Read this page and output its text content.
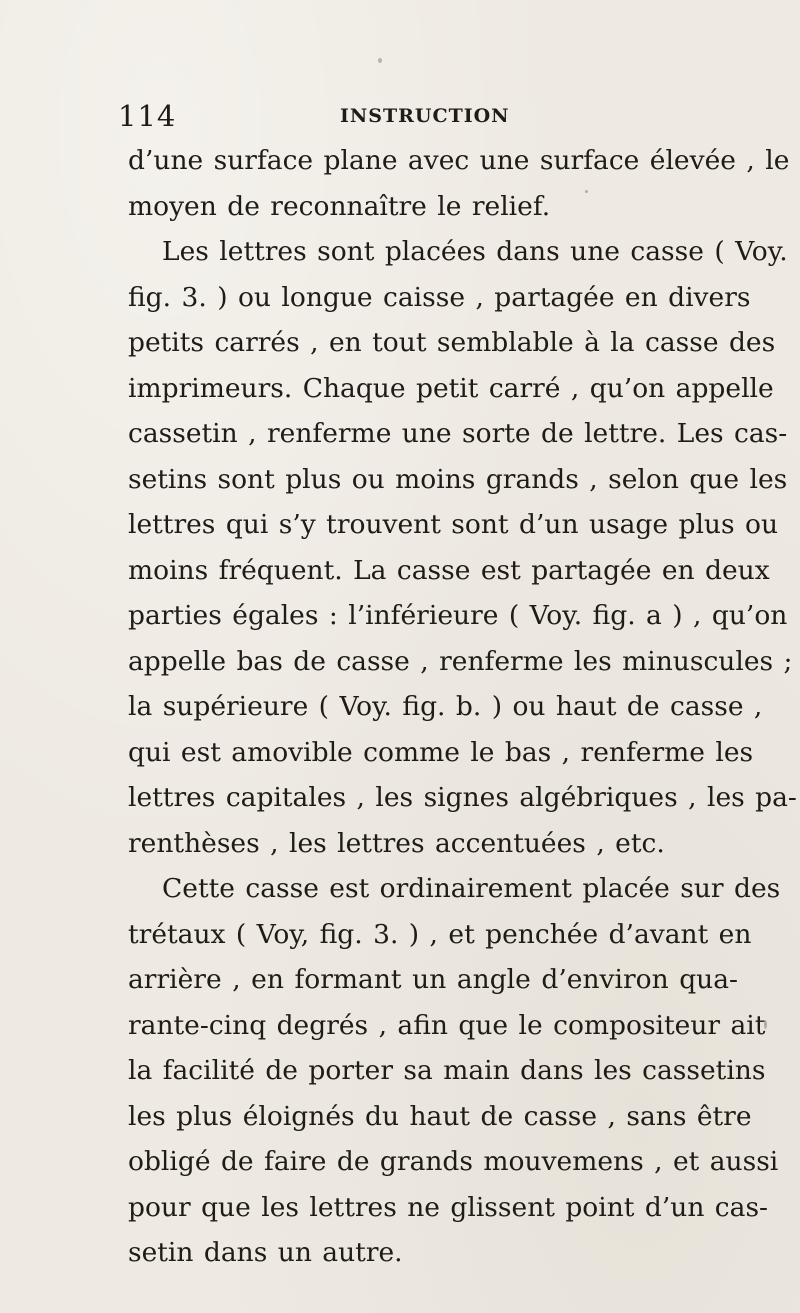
114	INSTRUCTION
d’une surface plane avec une surface élevée , le
moyen de reconnaître le relief.
Les lettres sont placées dans une casse ( Voy.
fig. 3. ) ou longue caisse , partagée en divers
petits carrés , en tout semblable à la casse des
imprimeurs. Chaque petit carré , qu’on appelle
cassetin , renferme une sorte de lettre. Les cas-
setins sont plus ou moins grands , selon que les
lettres qui s’y trouvent sont d’un usage plus ou
moins fréquent. La casse est partagée en deux
parties égales : l’inférieure ( Voy. fig. a ) , qu’on
appelle bas de casse , renferme les minuscules ;
la supérieure ( Voy. fig. b. ) ou haut de casse ,
qui est amovible comme le bas , renferme les
lettres capitales , les signes algébriques , les pa-
renthèses , les lettres accentuées , etc.
Cette casse est ordinairement placée sur des
trétaux ( Voy, fig. 3. ) , et penchée d’avant en
arrière , en formant un angle d’environ qua-
rante-cinq degrés , afin que le compositeur ait
la facilité de porter sa main dans les cassetins
les plus éloignés du haut de casse , sans être
obligé de faire de grands mouvemens , et aussi
pour que les lettres ne glissent point d’un cas-
setin dans un autre.
